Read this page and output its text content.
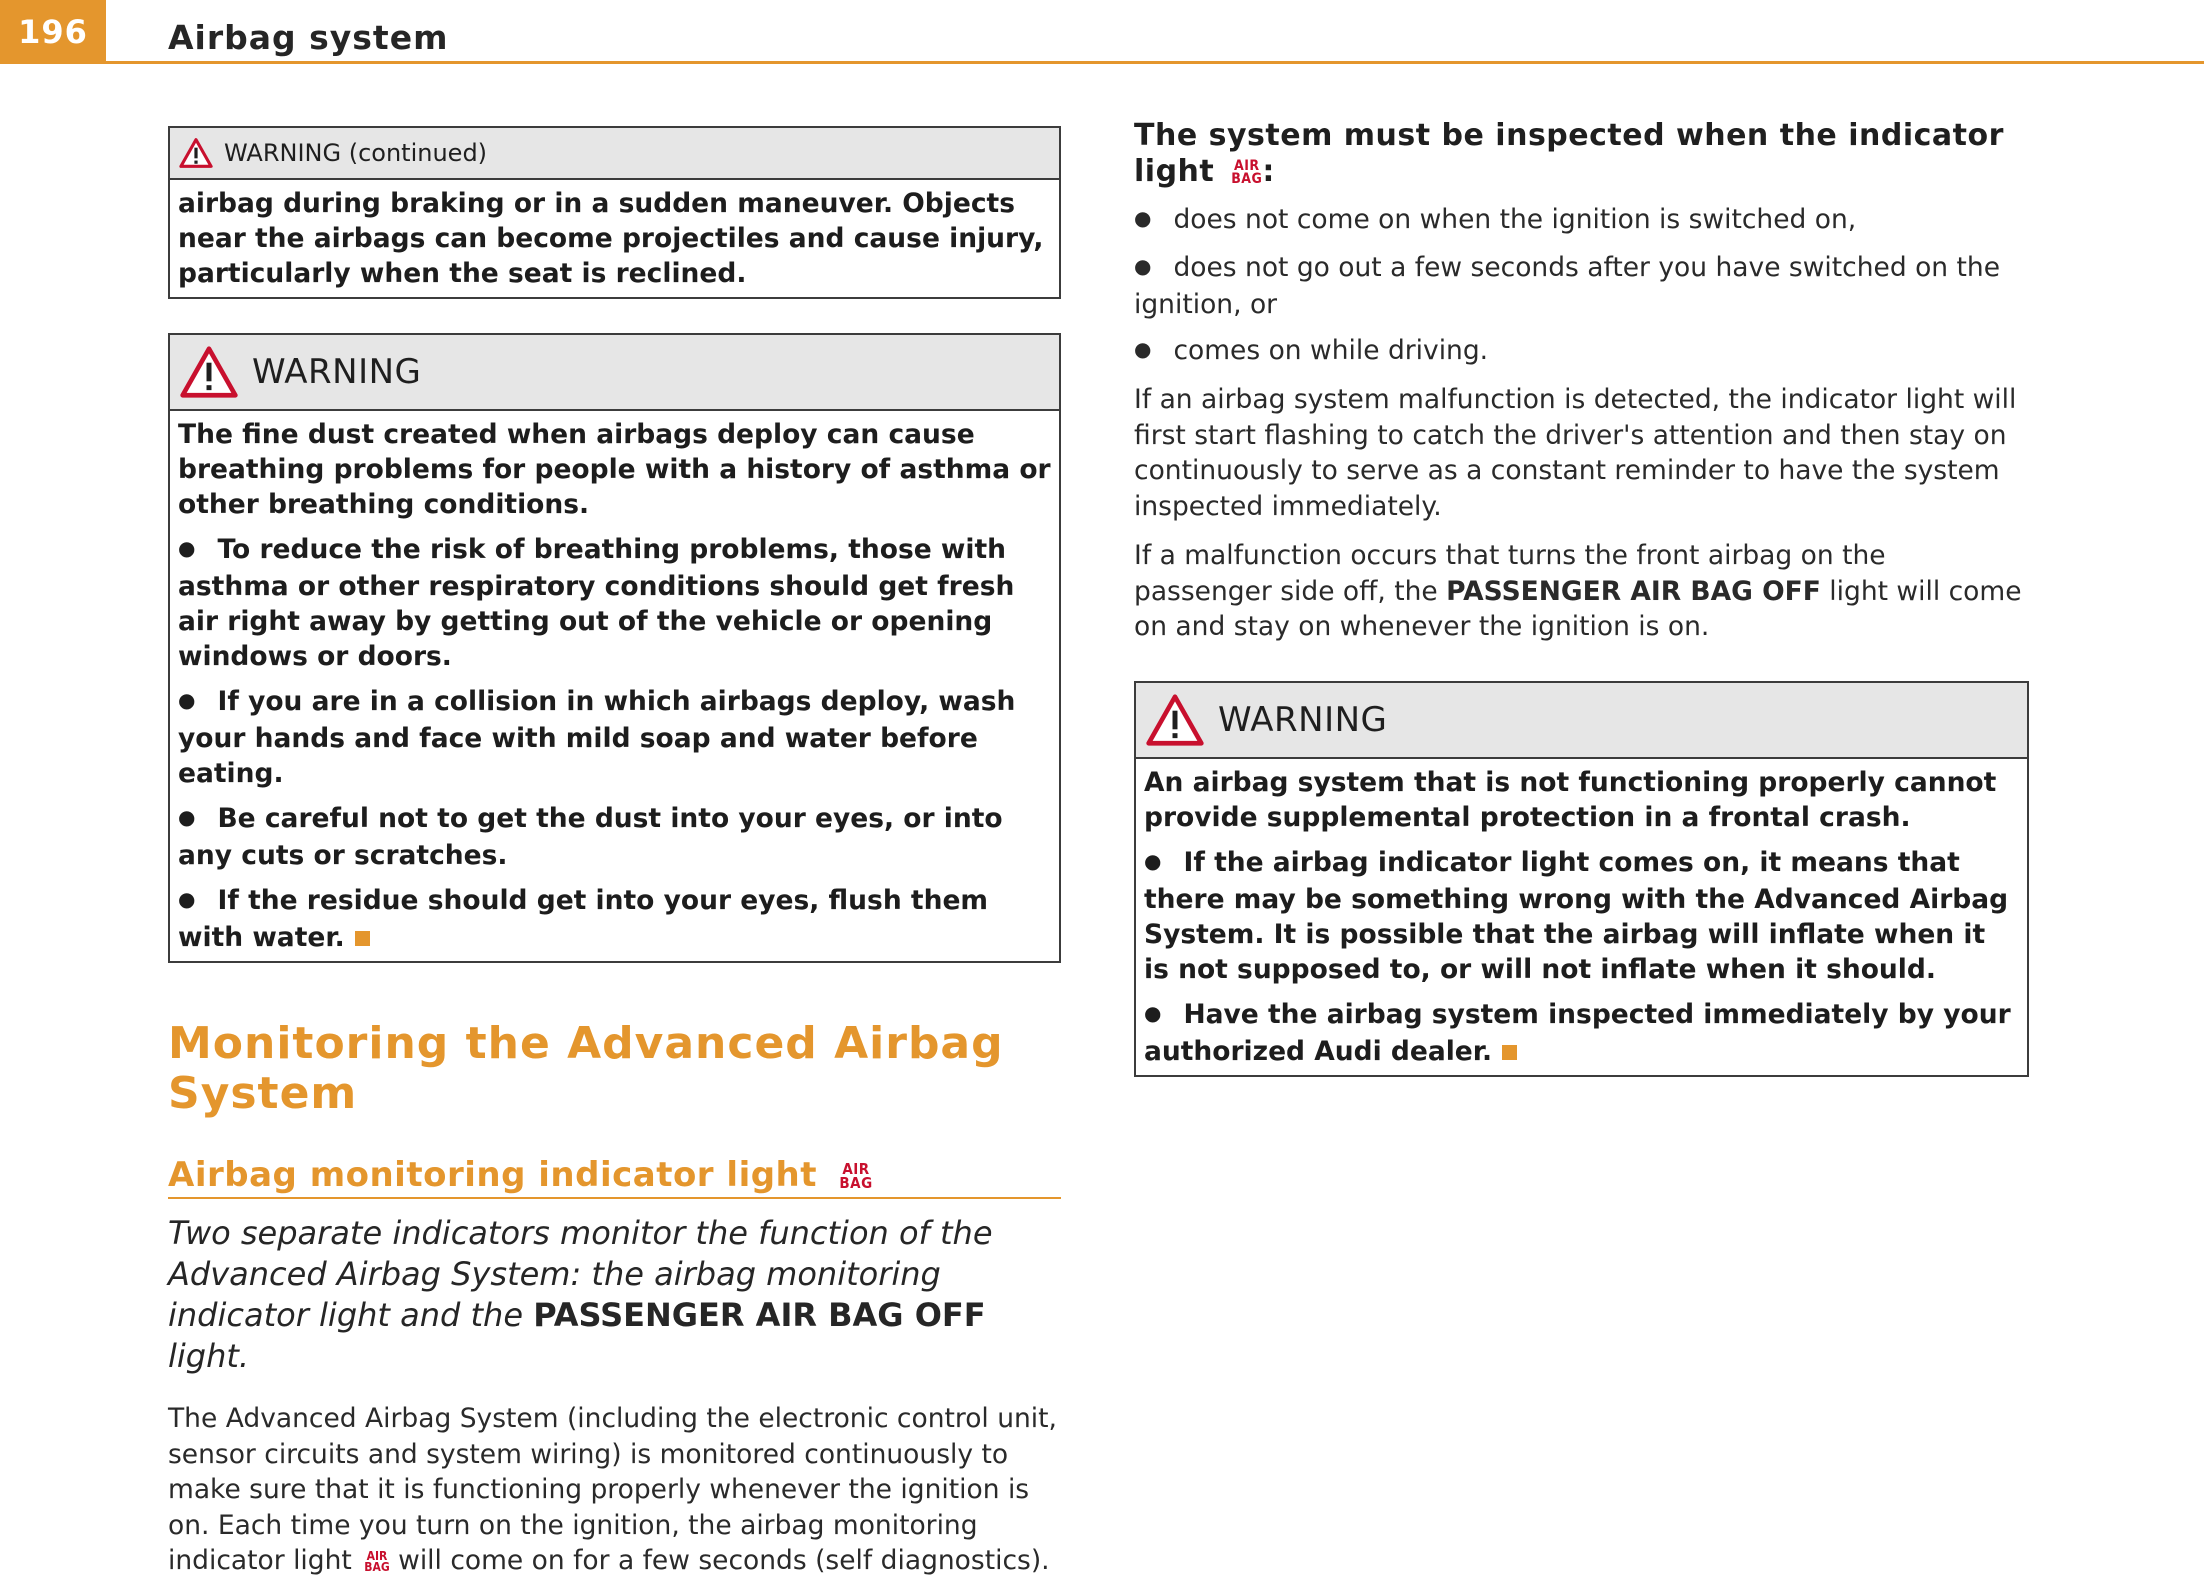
196	Airbag system
WARNING (continued)

airbag during braking or in a sudden maneuver. Objects near the airbags can become projectiles and cause injury, particularly when the seat is reclined.

WARNING

The fine dust created when airbags deploy can cause breathing problems for people with a history of asthma or other breathing conditions.

● To reduce the risk of breathing problems, those with asthma or other respiratory conditions should get fresh air right away by getting out of the vehicle or opening windows or doors.

● If you are in a collision in which airbags deploy, wash your hands and face with mild soap and water before eating.

● Be careful not to get the dust into your eyes, or into any cuts or scratches.

● If the residue should get into your eyes, flush them with water.

Monitoring the Advanced Airbag System
Airbag monitoring indicator light AIR
BAG
Two separate indicators monitor the function of the Advanced Airbag System: the airbag monitoring indicator light and the PASSENGER AIR BAG OFF light.

The Advanced Airbag System (including the electronic control unit, sensor circuits and system wiring) is monitored continuously to make sure that it is functioning properly whenever the ignition is on. Each time you turn on the ignition, the airbag monitoring indicator light AIR
BAG will come on for a few seconds (self diagnostics).

The system must be inspected when the indicator light AIR
BAG :

● does not come on when the ignition is switched on,

● does not go out a few seconds after you have switched on the ignition, or

● comes on while driving.

If an airbag system malfunction is detected, the indicator light will first start flashing to catch the driver's attention and then stay on continuously to serve as a constant reminder to have the system inspected immediately.

If a malfunction occurs that turns the front airbag on the passenger side off, the PASSENGER AIR BAG OFF light will come on and stay on whenever the ignition is on.

WARNING

An airbag system that is not functioning properly cannot provide supplemental protection in a frontal crash.

● If the airbag indicator light comes on, it means that there may be something wrong with the Advanced Airbag System. It is possible that the airbag will inflate when it is not supposed to, or will not inflate when it should.

● Have the airbag system inspected immediately by your authorized Audi dealer.
